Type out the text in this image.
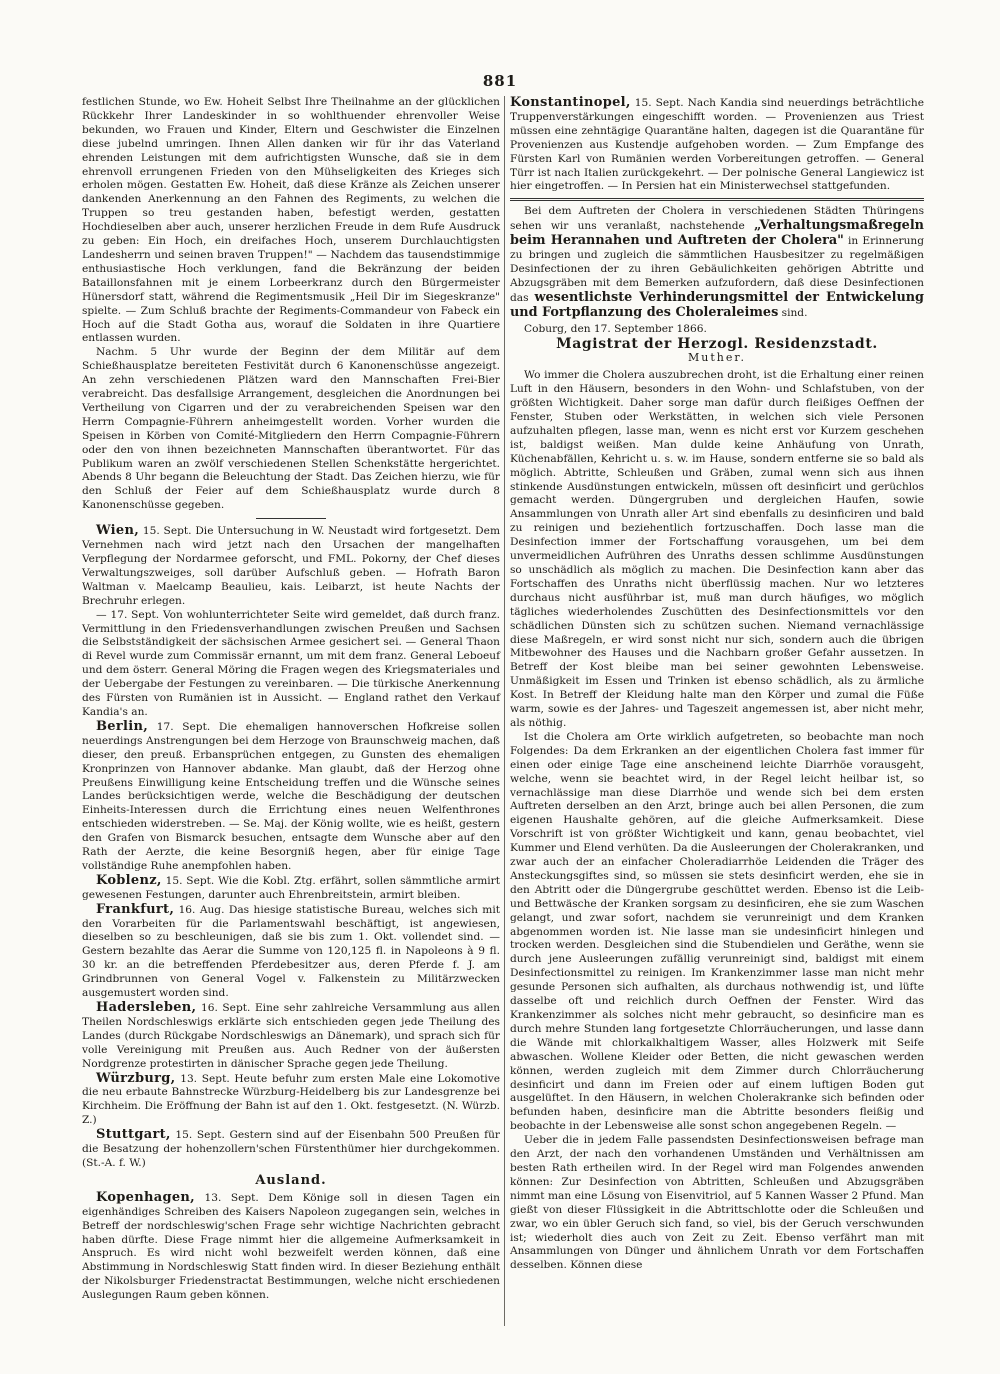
881

festlichen Stunde, wo Ew. Hoheit Selbst Ihre Theilnahme an der glücklichen Rückkehr Ihrer Landeskinder in so wohlthuender ehrenvoller Weise bekunden, wo Frauen und Kinder, Eltern und Geschwister die Einzelnen diese jubelnd umringen. Ihnen Allen danken wir für ihr das Vaterland ehrenden Leistungen mit dem aufrichtigsten Wunsche, daß sie in dem ehrenvoll errungenen Frieden von den Mühseligkeiten des Krieges sich erholen mögen. Gestatten Ew. Hoheit, daß diese Kränze als Zeichen unserer dankenden Anerkennung an den Fahnen des Regiments, zu welchen die Truppen so treu gestanden haben, befestigt werden, gestatten Hochdieselben aber auch, unserer herzlichen Freude in dem Rufe Ausdruck zu geben: Ein Hoch, ein dreifaches Hoch, unserem Durchlauchtigsten Landesherrn und seinen braven Truppen!" — Nachdem das tausendstimmige enthusiastische Hoch verklungen, fand die Bekränzung der beiden Bataillonsfahnen mit je einem Lorbeerkranz durch den Bürgermeister Hünersdorf statt, während die Regimentsmusik „Heil Dir im Siegeskranze" spielte. — Zum Schluß brachte der Regiments-Commandeur von Fabeck ein Hoch auf die Stadt Gotha aus, worauf die Soldaten in ihre Quartiere entlassen wurden.

Nachm. 5 Uhr wurde der Beginn der dem Militär auf dem Schießhausplatze bereiteten Festivität durch 6 Kanonenschüsse angezeigt. An zehn verschiedenen Plätzen ward den Mannschaften Frei-Bier verabreicht. Das desfallsige Arrangement, desgleichen die Anordnungen bei Vertheilung von Cigarren und der zu verabreichenden Speisen war den Herrn Compagnie-Führern anheimgestellt worden. Vorher wurden die Speisen in Körben von Comité-Mitgliedern den Herrn Compagnie-Führern oder den von ihnen bezeichneten Mannschaften überantwortet. Für das Publikum waren an zwölf verschiedenen Stellen Schenkstätte hergerichtet. Abends 8 Uhr begann die Beleuchtung der Stadt. Das Zeichen hierzu, wie für den Schluß der Feier auf dem Schießhausplatz wurde durch 8 Kanonenschüsse gegeben.

Wien, 15. Sept. Die Untersuchung in W. Neustadt wird fortgesetzt. Dem Vernehmen nach wird jetzt nach den Ursachen der mangelhaften Verpflegung der Nordarmee geforscht, und FML. Pokorny, der Chef dieses Verwaltungszweiges, soll darüber Aufschluß geben. — Hofrath Baron Waltman v. Maelcamp Beaulieu, kais. Leibarzt, ist heute Nachts der Brechruhr erlegen.

— 17. Sept. Von wohlunterrichteter Seite wird gemeldet, daß durch franz. Vermittlung in den Friedensverhandlungen zwischen Preußen und Sachsen die Selbstständigkeit der sächsischen Armee gesichert sei. — General Thaon di Revel wurde zum Commissär ernannt, um mit dem franz. General Leboeuf und dem österr. General Möring die Fragen wegen des Kriegsmateriales und der Uebergabe der Festungen zu vereinbaren. — Die türkische Anerkennung des Fürsten von Rumänien ist in Aussicht. — England rathet den Verkauf Kandia's an.

Berlin, 17. Sept. Die ehemaligen hannoverschen Hofkreise sollen neuerdings Anstrengungen bei dem Herzoge von Braunschweig machen, daß dieser, den preuß. Erbansprüchen entgegen, zu Gunsten des ehemaligen Kronprinzen von Hannover abdanke. Man glaubt, daß der Herzog ohne Preußens Einwilligung keine Entscheidung treffen und die Wünsche seines Landes berücksichtigen werde, welche die Beschädigung der deutschen Einheits-Interessen durch die Errichtung eines neuen Welfenthrones entschieden widerstreben. — Se. Maj. der König wollte, wie es heißt, gestern den Grafen von Bismarck besuchen, entsagte dem Wunsche aber auf den Rath der Aerzte, die keine Besorgniß hegen, aber für einige Tage vollständige Ruhe anempfohlen haben.

Koblenz, 15. Sept. Wie die Kobl. Ztg. erfährt, sollen sämmtliche armirt gewesenen Festungen, darunter auch Ehrenbreitstein, armirt bleiben.

Frankfurt, 16. Aug. Das hiesige statistische Bureau, welches sich mit den Vorarbeiten für die Parlamentswahl beschäftigt, ist angewiesen, dieselben so zu beschleunigen, daß sie bis zum 1. Okt. vollendet sind. — Gestern bezahlte das Aerar die Summe von 120,125 fl. in Napoleons à 9 fl. 30 kr. an die betreffenden Pferdebesitzer aus, deren Pferde f. J. am Grindbrunnen von General Vogel v. Falkenstein zu Militärzwecken ausgemustert worden sind.

Hadersleben, 16. Sept. Eine sehr zahlreiche Versammlung aus allen Theilen Nordschleswigs erklärte sich entschieden gegen jede Theilung des Landes (durch Rückgabe Nordschleswigs an Dänemark), und sprach sich für volle Vereinigung mit Preußen aus. Auch Redner von der äußersten Nordgrenze protestirten in dänischer Sprache gegen jede Theilung.

Würzburg, 13. Sept. Heute befuhr zum ersten Male eine Lokomotive die neu erbaute Bahnstrecke Würzburg-Heidelberg bis zur Landesgrenze bei Kirchheim. Die Eröffnung der Bahn ist auf den 1. Okt. festgesetzt. (N. Würzb. Z.)

Stuttgart, 15. Sept. Gestern sind auf der Eisenbahn 500 Preußen für die Besatzung der hohenzollern'schen Fürstenthümer hier durchgekommen. (St.-A. f. W.)

Ausland.

Kopenhagen, 13. Sept. Dem Könige soll in diesen Tagen ein eigenhändiges Schreiben des Kaisers Napoleon zugegangen sein, welches in Betreff der nordschleswig'schen Frage sehr wichtige Nachrichten gebracht haben dürfte. Diese Frage nimmt hier die allgemeine Aufmerksamkeit in Anspruch. Es wird nicht wohl bezweifelt werden können, daß eine Abstimmung in Nordschleswig Statt finden wird. In dieser Beziehung enthält der Nikolsburger Friedenstractat Bestimmungen, welche nicht erschiedenen Auslegungen Raum geben können.

Konstantinopel, 15. Sept. Nach Kandia sind neuerdings beträchtliche Truppenverstärkungen eingeschifft worden. — Provenienzen aus Triest müssen eine zehntägige Quarantäne halten, dagegen ist die Quarantäne für Provenienzen aus Kustendje aufgehoben worden. — Zum Empfange des Fürsten Karl von Rumänien werden Vorbereitungen getroffen. — General Türr ist nach Italien zurückgekehrt. — Der polnische General Langiewicz ist hier eingetroffen. — In Persien hat ein Ministerwechsel stattgefunden.

Bei dem Auftreten der Cholera in verschiedenen Städten Thüringens sehen wir uns veranlaßt, nachstehende „Verhaltungsmaßregeln beim Herannahen und Auftreten der Cholera" in Erinnerung zu bringen und zugleich die sämmtlichen Hausbesitzer zu regelmäßigen Desinfectionen der zu ihren Gebäulichkeiten gehörigen Abtritte und Abzugsgräben mit dem Bemerken aufzufordern, daß diese Desinfectionen das wesentlichste Verhinderungsmittel der Entwickelung und Fortpflanzung des Choleraleimes sind.

Coburg, den 17. September 1866.

Magistrat der Herzogl. Residenzstadt.
Muther.

Wo immer die Cholera auszubrechen droht, ist die Erhaltung einer reinen Luft in den Häusern, besonders in den Wohn- und Schlafstuben, von der größten Wichtigkeit. Daher sorge man dafür durch fleißiges Oeffnen der Fenster, Stuben oder Werkstätten, in welchen sich viele Personen aufzuhalten pflegen, lasse man, wenn es nicht erst vor Kurzem geschehen ist, baldigst weißen. Man dulde keine Anhäufung von Unrath, Küchenabfällen, Kehricht u. s. w. im Hause, sondern entferne sie so bald als möglich. Abtritte, Schleußen und Gräben, zumal wenn sich aus ihnen stinkende Ausdünstungen entwickeln, müssen oft desinficirt und gerüchlos gemacht werden. Düngergruben und dergleichen Haufen, sowie Ansammlungen von Unrath aller Art sind ebenfalls zu desinficiren und bald zu reinigen und beziehentlich fortzuschaffen. Doch lasse man die Desinfection immer der Fortschaffung vorausgehen, um bei dem unvermeidlichen Aufrühren des Unraths dessen schlimme Ausdünstungen so unschädlich als möglich zu machen. Die Desinfection kann aber das Fortschaffen des Unraths nicht überflüssig machen. Nur wo letzteres durchaus nicht ausführbar ist, muß man durch häufiges, wo möglich tägliches wiederholendes Zuschütten des Desinfectionsmittels vor den schädlichen Dünsten sich zu schützen suchen. Niemand vernachlässige diese Maßregeln, er wird sonst nicht nur sich, sondern auch die übrigen Mitbewohner des Hauses und die Nachbarn großer Gefahr aussetzen. In Betreff der Kost bleibe man bei seiner gewohnten Lebensweise. Unmäßigkeit im Essen und Trinken ist ebenso schädlich, als zu ärmliche Kost. In Betreff der Kleidung halte man den Körper und zumal die Füße warm, sowie es der Jahres- und Tageszeit angemessen ist, aber nicht mehr, als nöthig.

Ist die Cholera am Orte wirklich aufgetreten, so beobachte man noch Folgendes: Da dem Erkranken an der eigentlichen Cholera fast immer für einen oder einige Tage eine anscheinend leichte Diarrhöe vorausgeht, welche, wenn sie beachtet wird, in der Regel leicht heilbar ist, so vernachlässige man diese Diarrhöe und wende sich bei dem ersten Auftreten derselben an den Arzt, bringe auch bei allen Personen, die zum eigenen Haushalte gehören, auf die gleiche Aufmerksamkeit. Diese Vorschrift ist von größter Wichtigkeit und kann, genau beobachtet, viel Kummer und Elend verhüten. Da die Ausleerungen der Cholerakranken, und zwar auch der an einfacher Choleradiarrhöe Leidenden die Träger des Ansteckungsgiftes sind, so müssen sie stets desinficirt werden, ehe sie in den Abtritt oder die Düngergrube geschüttet werden. Ebenso ist die Leib- und Bettwäsche der Kranken sorgsam zu desinficiren, ehe sie zum Waschen gelangt, und zwar sofort, nachdem sie verunreinigt und dem Kranken abgenommen worden ist. Nie lasse man sie undesinficirt hinlegen und trocken werden. Desgleichen sind die Stubendielen und Geräthe, wenn sie durch jene Ausleerungen zufällig verunreinigt sind, baldigst mit einem Desinfectionsmittel zu reinigen. Im Krankenzimmer lasse man nicht mehr gesunde Personen sich aufhalten, als durchaus nothwendig ist, und lüfte dasselbe oft und reichlich durch Oeffnen der Fenster. Wird das Krankenzimmer als solches nicht mehr gebraucht, so desinficire man es durch mehre Stunden lang fortgesetzte Chlorräucherungen, und lasse dann die Wände mit chlorkalkhaltigem Wasser, alles Holzwerk mit Seife abwaschen. Wollene Kleider oder Betten, die nicht gewaschen werden können, werden zugleich mit dem Zimmer durch Chlorräucherung desinficirt und dann im Freien oder auf einem luftigen Boden gut ausgelüftet. In den Häusern, in welchen Cholerakranke sich befinden oder befunden haben, desinficire man die Abtritte besonders fleißig und beobachte in der Lebensweise alle sonst schon angegebenen Regeln. —

Ueber die in jedem Falle passendsten Desinfectionsweisen befrage man den Arzt, der nach den vorhandenen Umständen und Verhältnissen am besten Rath ertheilen wird. In der Regel wird man Folgendes anwenden können: Zur Desinfection von Abtritten, Schleußen und Abzugsgräben nimmt man eine Lösung von Eisenvitriol, auf 5 Kannen Wasser 2 Pfund. Man gießt von dieser Flüssigkeit in die Abtrittschlotte oder die Schleußen und zwar, wo ein übler Geruch sich fand, so viel, bis der Geruch verschwunden ist; wiederholt dies auch von Zeit zu Zeit. Ebenso verfährt man mit Ansammlungen von Dünger und ähnlichem Unrath vor dem Fortschaffen desselben. Können diese
